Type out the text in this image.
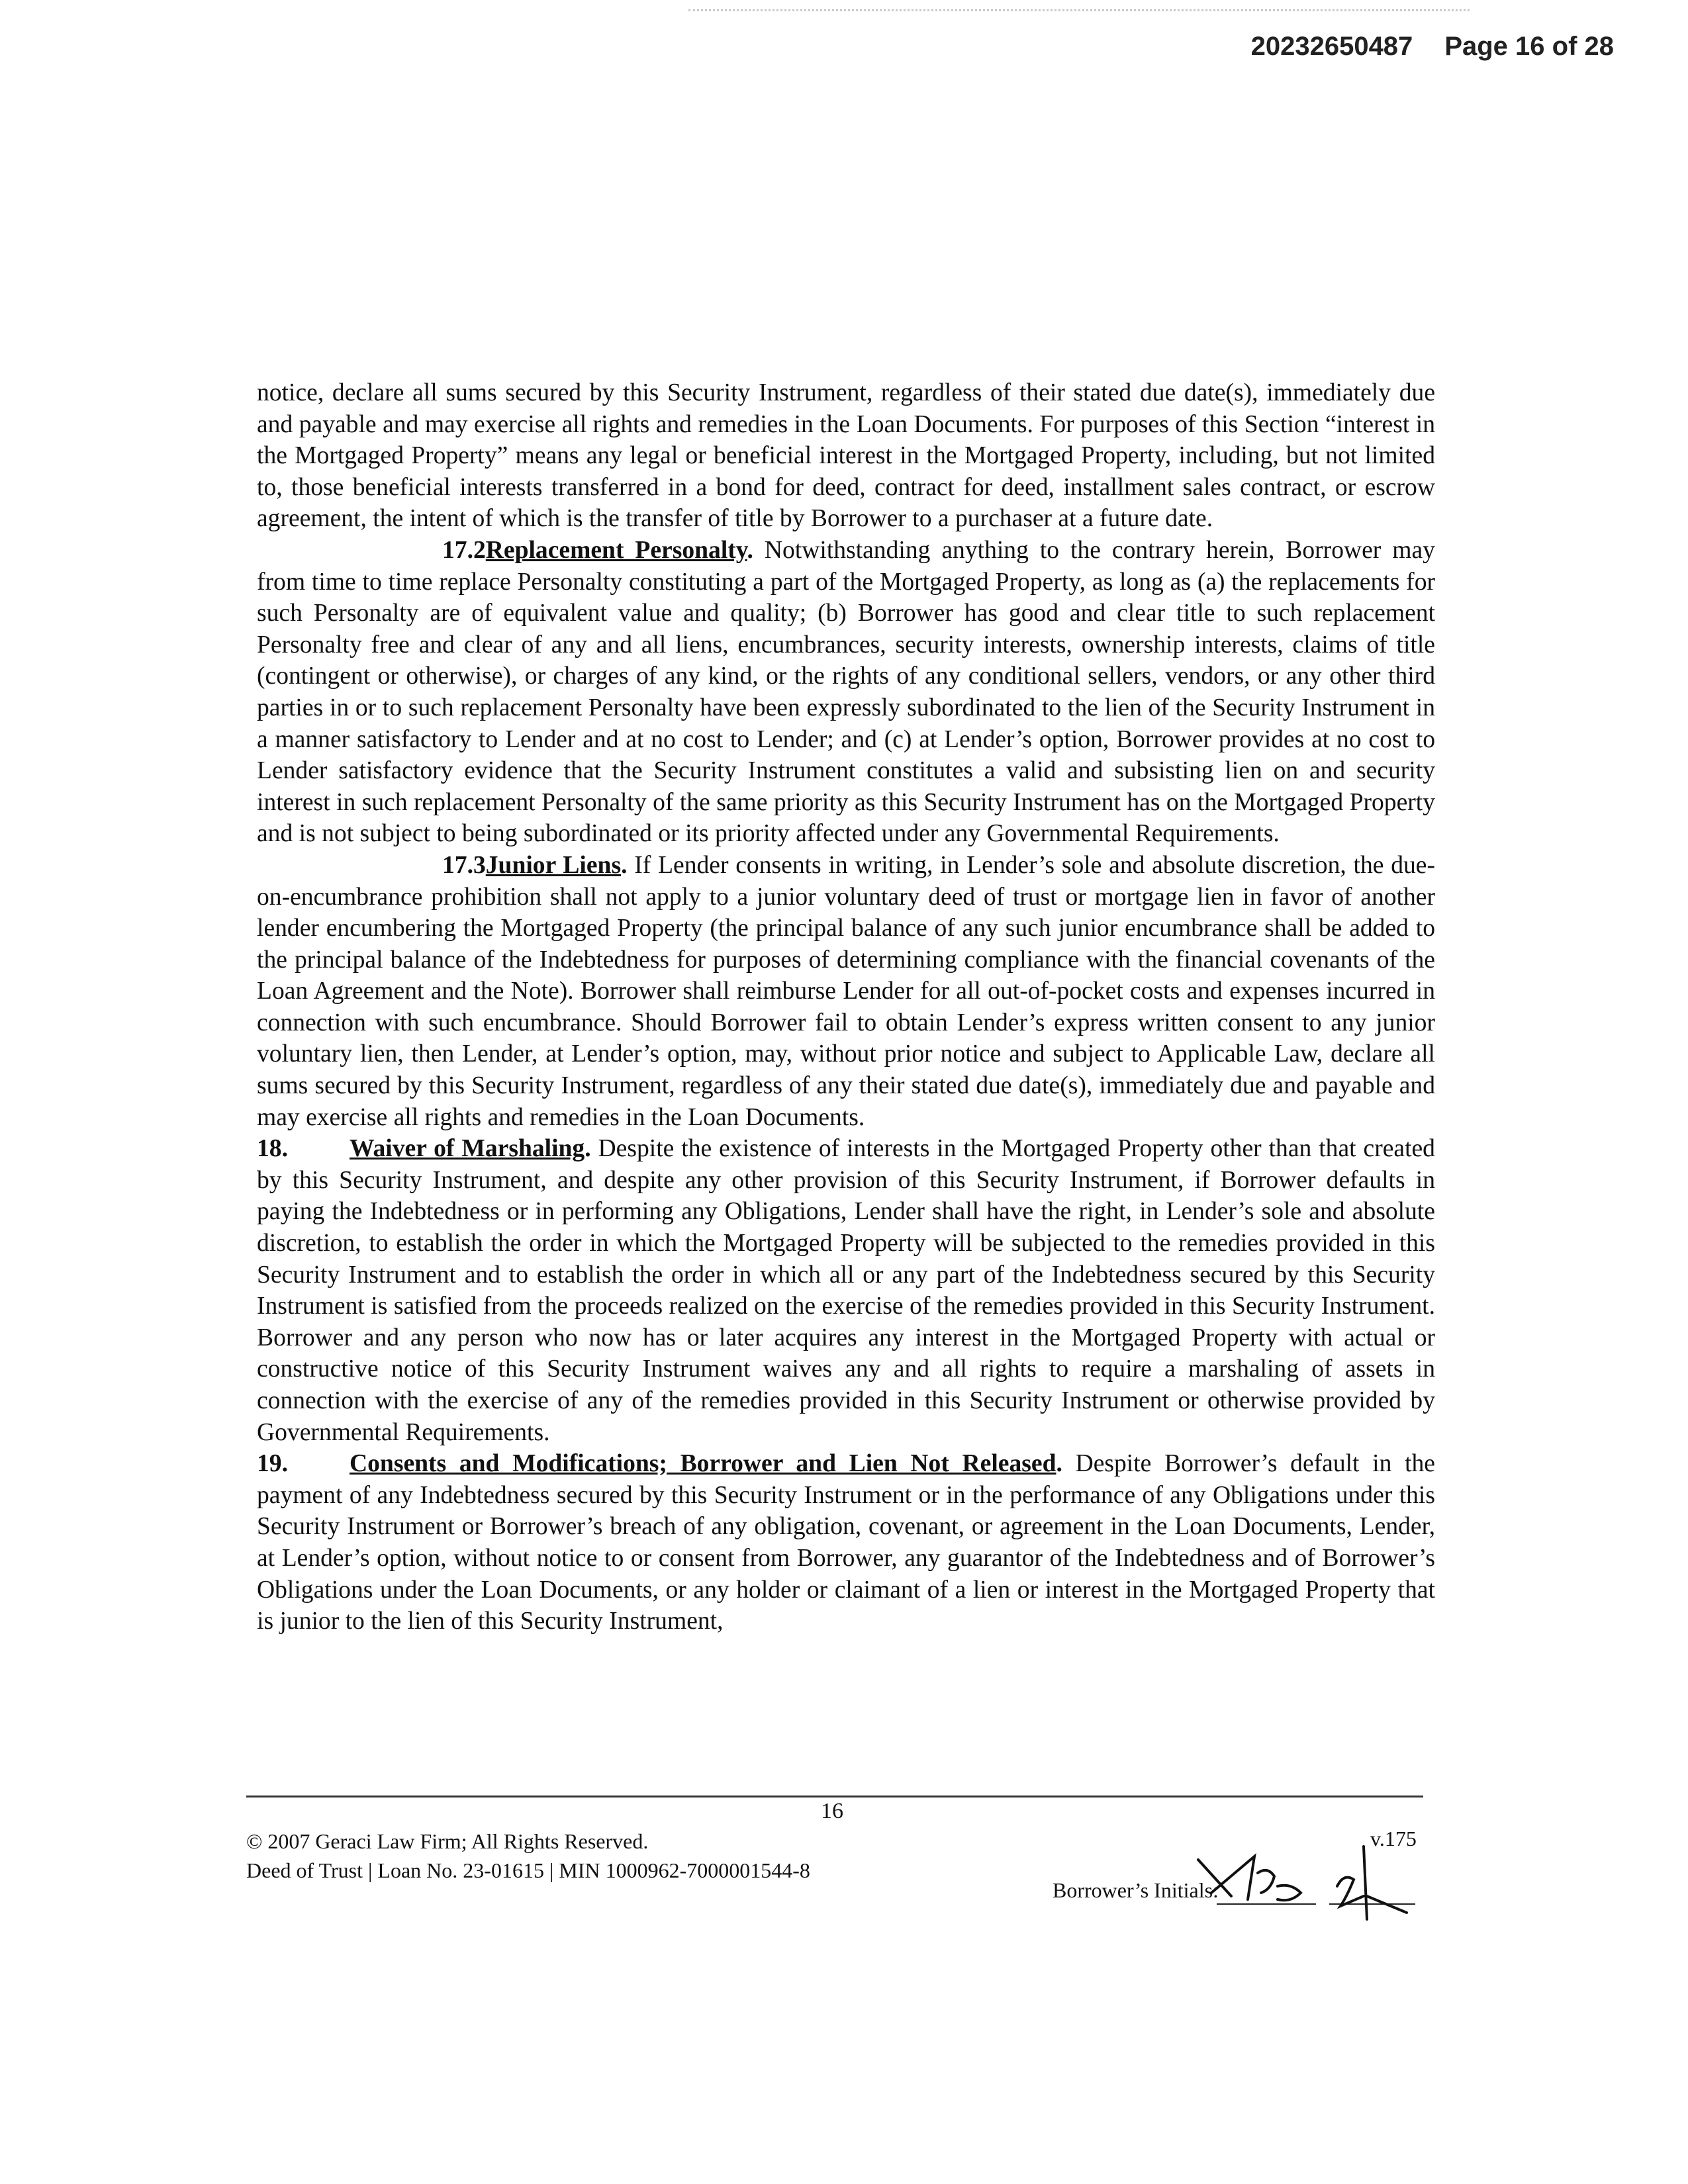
20232650487 Page 16 of 28

notice, declare all sums secured by this Security Instrument, regardless of their stated due date(s), immediately due and payable and may exercise all rights and remedies in the Loan Documents. For purposes of this Section “interest in the Mortgaged Property” means any legal or beneficial interest in the Mortgaged Property, including, but not limited to, those beneficial interests transferred in a bond for deed, contract for deed, installment sales contract, or escrow agreement, the intent of which is the transfer of title by Borrower to a purchaser at a future date.

17.2Replacement Personalty. Notwithstanding anything to the contrary herein, Borrower may from time to time replace Personalty constituting a part of the Mortgaged Property, as long as (a) the replacements for such Personalty are of equivalent value and quality; (b) Borrower has good and clear title to such replacement Personalty free and clear of any and all liens, encumbrances, security interests, ownership interests, claims of title (contingent or otherwise), or charges of any kind, or the rights of any conditional sellers, vendors, or any other third parties in or to such replacement Personalty have been expressly subordinated to the lien of the Security Instrument in a manner satisfactory to Lender and at no cost to Lender; and (c) at Lender’s option, Borrower provides at no cost to Lender satisfactory evidence that the Security Instrument constitutes a valid and subsisting lien on and security interest in such replacement Personalty of the same priority as this Security Instrument has on the Mortgaged Property and is not subject to being subordinated or its priority affected under any Governmental Requirements.

17.3Junior Liens. If Lender consents in writing, in Lender’s sole and absolute discretion, the due-on-encumbrance prohibition shall not apply to a junior voluntary deed of trust or mortgage lien in favor of another lender encumbering the Mortgaged Property (the principal balance of any such junior encumbrance shall be added to the principal balance of the Indebtedness for purposes of determining compliance with the financial covenants of the Loan Agreement and the Note). Borrower shall reimburse Lender for all out-of-pocket costs and expenses incurred in connection with such encumbrance. Should Borrower fail to obtain Lender’s express written consent to any junior voluntary lien, then Lender, at Lender’s option, may, without prior notice and subject to Applicable Law, declare all sums secured by this Security Instrument, regardless of any their stated due date(s), immediately due and payable and may exercise all rights and remedies in the Loan Documents.

18. Waiver of Marshaling. Despite the existence of interests in the Mortgaged Property other than that created by this Security Instrument, and despite any other provision of this Security Instrument, if Borrower defaults in paying the Indebtedness or in performing any Obligations, Lender shall have the right, in Lender’s sole and absolute discretion, to establish the order in which the Mortgaged Property will be subjected to the remedies provided in this Security Instrument and to establish the order in which all or any part of the Indebtedness secured by this Security Instrument is satisfied from the proceeds realized on the exercise of the remedies provided in this Security Instrument. Borrower and any person who now has or later acquires any interest in the Mortgaged Property with actual or constructive notice of this Security Instrument waives any and all rights to require a marshaling of assets in connection with the exercise of any of the remedies provided in this Security Instrument or otherwise provided by Governmental Requirements.

19. Consents and Modifications; Borrower and Lien Not Released. Despite Borrower’s default in the payment of any Indebtedness secured by this Security Instrument or in the performance of any Obligations under this Security Instrument or Borrower’s breach of any obligation, covenant, or agreement in the Loan Documents, Lender, at Lender’s option, without notice to or consent from Borrower, any guarantor of the Indebtedness and of Borrower’s Obligations under the Loan Documents, or any holder or claimant of a lien or interest in the Mortgaged Property that is junior to the lien of this Security Instrument,

16
© 2007 Geraci Law Firm; All Rights Reserved.
Deed of Trust | Loan No. 23-01615 | MIN 1000962-7000001544-8
v.175
Borrower’s Initials:
